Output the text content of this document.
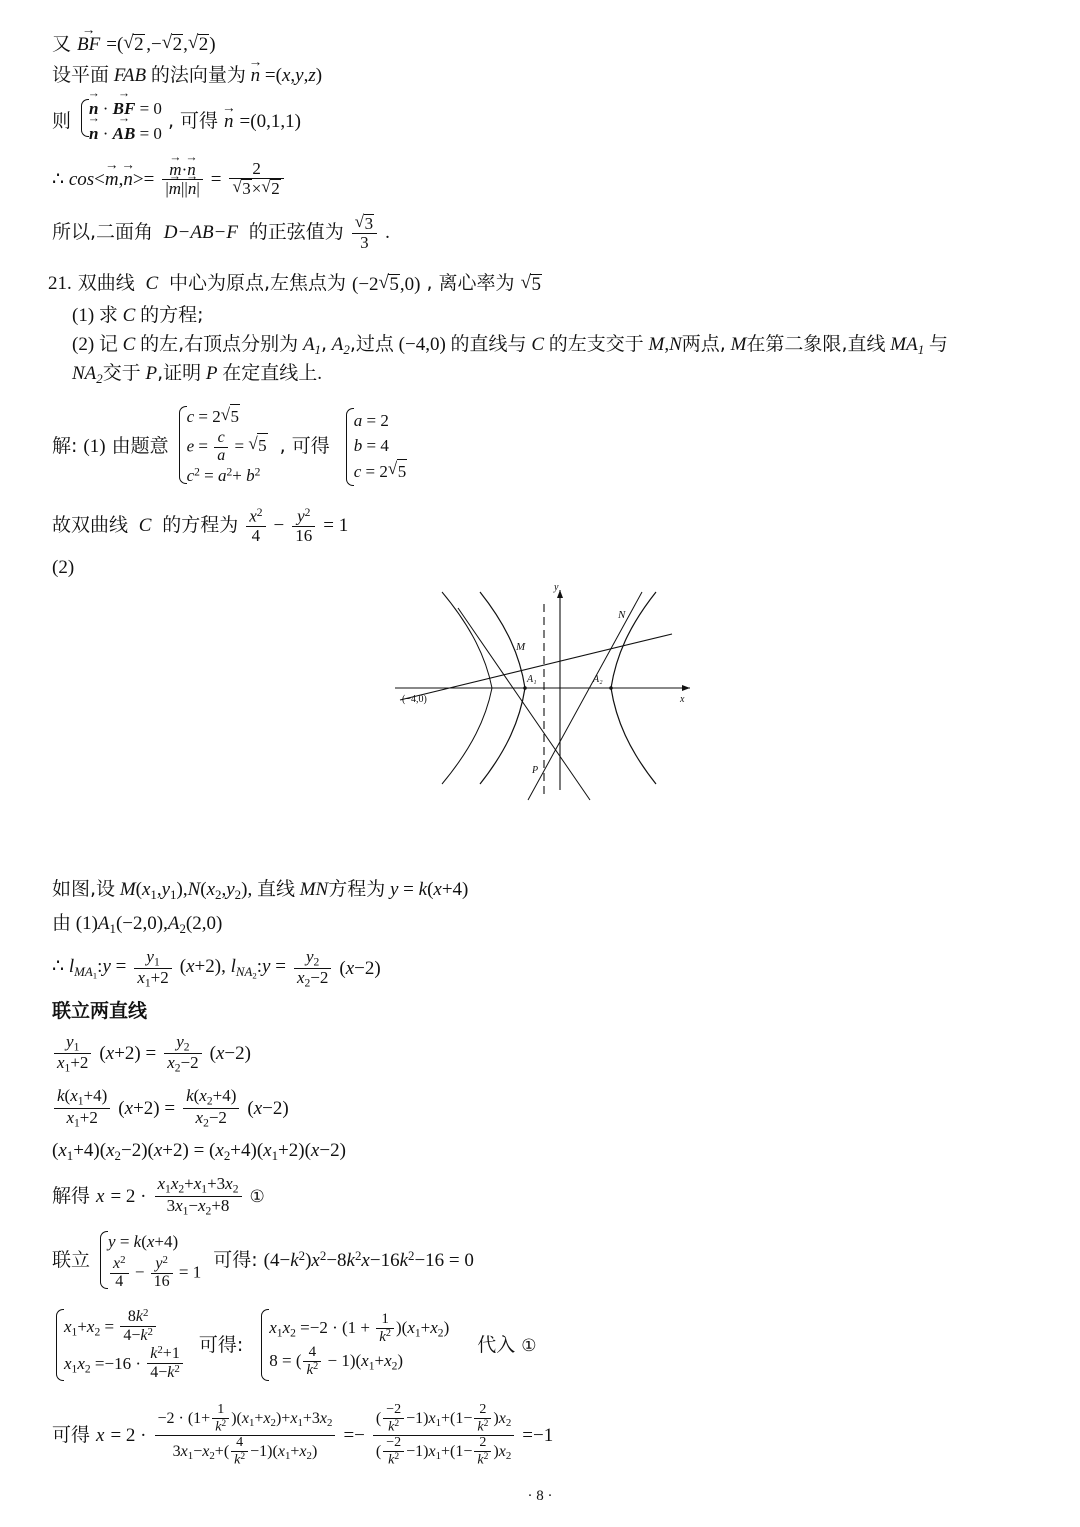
又 BF → =( √ 2 ,− √ 2, √ 2)
设平面 FAB 的法向量为 n → =(x,y,z)
则
n → · BF → = 0
n → · AB → = 0
, 可得 n → =(0,1,1)
∴ cos<m →,n →>= $\frac{m \to\cdot n \to}{|m \to||n \to|} = 2$
√ 3× √ 2
所以,二面角 D−AB−F 的正弦值为 √ $\frac{3}{3}$ .
21. 双曲线 C 中心为原点,左焦点为 (−2 √ 5,0) , 离心率为 √ 5
(1) 求 C 的方程;
(2) 记 C 的左,右顶点分别为 $A_1$, $A_2$,过点 (−4,0) 的直线与 C 的左支交于 M,N两点, M在第二象限,直线 $MA_1$ 与
$NA_2$交于 P,证明 P 在定直线上.
解: (1) 由题意
c = 2 √ 5
$e = \frac{c}{a}$ = √ 5
$c^2 = a^2+ b^2$
, 可得
a = 2
b = 4
c = 2 √ 5
故双曲线 C 的方程为 $\frac{x^2}{4} - \frac{y^2}{16} = 1$
(2)
y
x
M
N
A₁	A₂
P
(−4,0)
如图,设 $M(x_1,y_1),N(x_2,y_2)$, 直线 MN方程为 y = k(x+4)
由 $(1)A_1(-2,0),A_2(2,0)$
∴ $l_{MA_1}:y = \frac{y_1}{x_1+2} (x+2)$, $l_{NA_2}:y = \frac{y_2}{x_2-2} (x-2)$
联立两直线
$\frac{y_1}{x_1+2} (x+2) = \frac{y_2}{x_2-2} (x-2)$
$\frac{k(x_1+4)}{x_1+2} (x+2) = \frac{k(x_2+4)}{x_2-2} (x-2)$
$(x_1+4)(x_2-2)(x+2) = (x_2+4)(x_1+2)(x-2)$
解得 $x = 2 \cdot \frac{x_1x_2+x_1+3x_2}{3x_1-x_2+8}$ ①
联立
y = k(x+4)
$\frac{x^2}{4} - \frac{y^2}{16} = 1$
可得: $(4-k^2)x^2-8k^2x-16k^2-16 = 0$
$x_1+x_2 = \frac{8k^2}{4-k^2}$
$x_1x_2 =-16 \cdot \frac{k^2+1}{4-k^2}$
可得:
$x_1x_2 =-2 \cdot (1 + \frac{1}{k^2} )(x_1+x_2)$
8 = ( $\frac{4}{k^2} - 1)(x_1+x_2)$
代入 ①
可得 $x = 2 \cdot \frac{-2 \cdot (1+ \frac{1}{k^2} )(x_1+x_2)+x_1+3x_2}{3x_1-x_2+( \frac{4}{k^2} -1)(x_1+x_2)} =- \frac{( \frac{-2}{k^2} -1)x_1+(1- \frac{2}{k^2} )x_2}{( \frac{-2}{k^2} -1)x_1+(1- \frac{2}{k^2} )x_2} =-1$
· 8 ·
